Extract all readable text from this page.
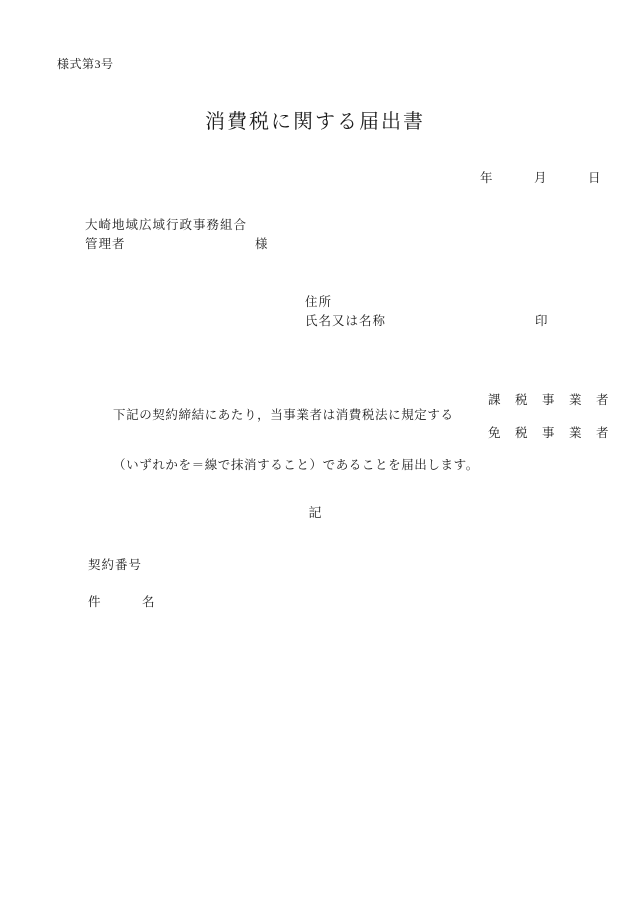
様式第3号
消費税に関する届出書
年　　　月　　　日
大崎地域広域行政事務組合
管理者	様
住所
氏名又は名称	印
課　税　事　業　者
免　税　事　業　者
下記の契約締結にあたり，当事業者は消費税法に規定する
（いずれかを＝線で抹消すること）であることを届出します。
記
契約番号
件　　　名
